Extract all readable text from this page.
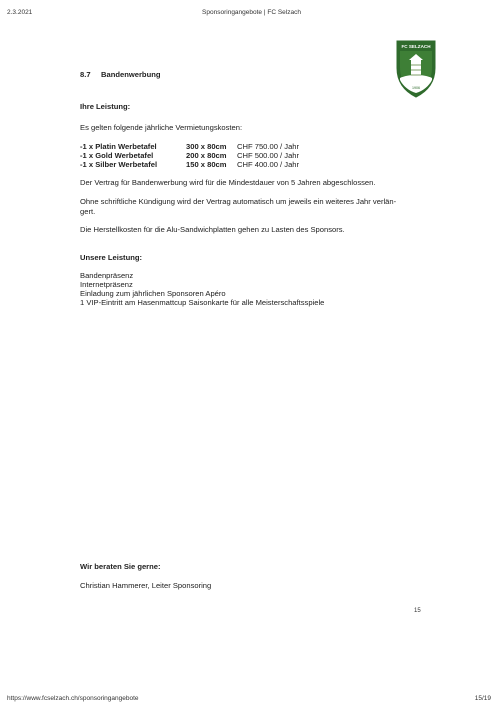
2.3.2021	Sponsoringangebote | FC Selzach
FC SELZACH
1906
8.7 Bandenwerbung
Ihre Leistung:
Es gelten folgende jährliche Vermietungskosten:
-1 x Platin Werbetafel	300 x 80cm CHF 750.00 / Jahr
-1 x Gold Werbetafel	200 x 80cm CHF 500.00 / Jahr
-1 x Silber Werbetafel	150 x 80cm CHF 400.00 / Jahr
Der Vertrag für Bandenwerbung wird für die Mindestdauer von 5 Jahren abgeschlossen.
Ohne schriftliche Kündigung wird der Vertrag automatisch um jeweils ein weiteres Jahr verlän-
gert.
Die Herstellkosten für die Alu-Sandwichplatten gehen zu Lasten des Sponsors.
Unsere Leistung:
Bandenpräsenz
Internetpräsenz
Einladung zum jährlichen Sponsoren Apéro
1 VIP-Eintritt am Hasenmattcup Saisonkarte für alle Meisterschaftsspiele
Wir beraten Sie gerne:
Christian Hammerer, Leiter Sponsoring
15
https://www.fcselzach.ch/sponsoringangebote	15/19
